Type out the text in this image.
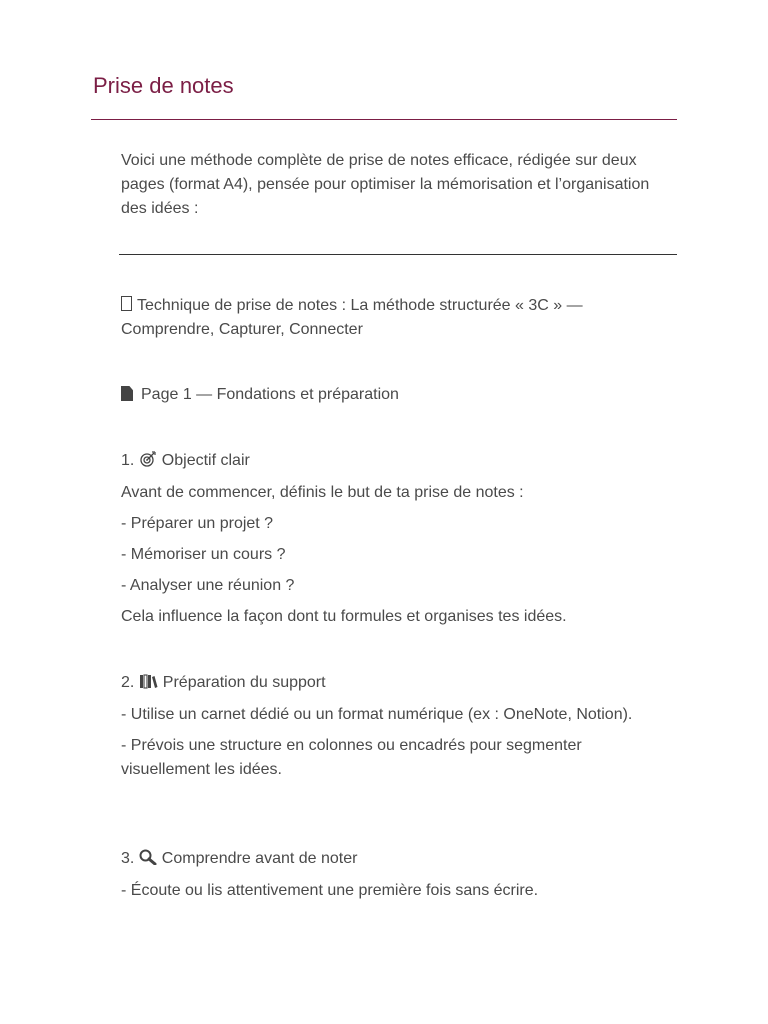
Prise de notes

Voici une méthode complète de prise de notes efficace, rédigée sur deux pages (format A4), pensée pour optimiser la mémorisation et l’organisation des idées :

Technique de prise de notes : La méthode structurée « 3C » —
Comprendre, Capturer, Connecter

Page 1 — Fondations et préparation

1. Objectif clair
Avant de commencer, définis le but de ta prise de notes :
- Préparer un projet ?
- Mémoriser un cours ?
- Analyser une réunion ?
Cela influence la façon dont tu formules et organises tes idées.
2. Préparation du support
- Utilise un carnet dédié ou un format numérique (ex : OneNote, Notion).
- Prévois une structure en colonnes ou encadrés pour segmenter visuellement les idées.
3. Comprendre avant de noter
- Écoute ou lis attentivement une première fois sans écrire.
